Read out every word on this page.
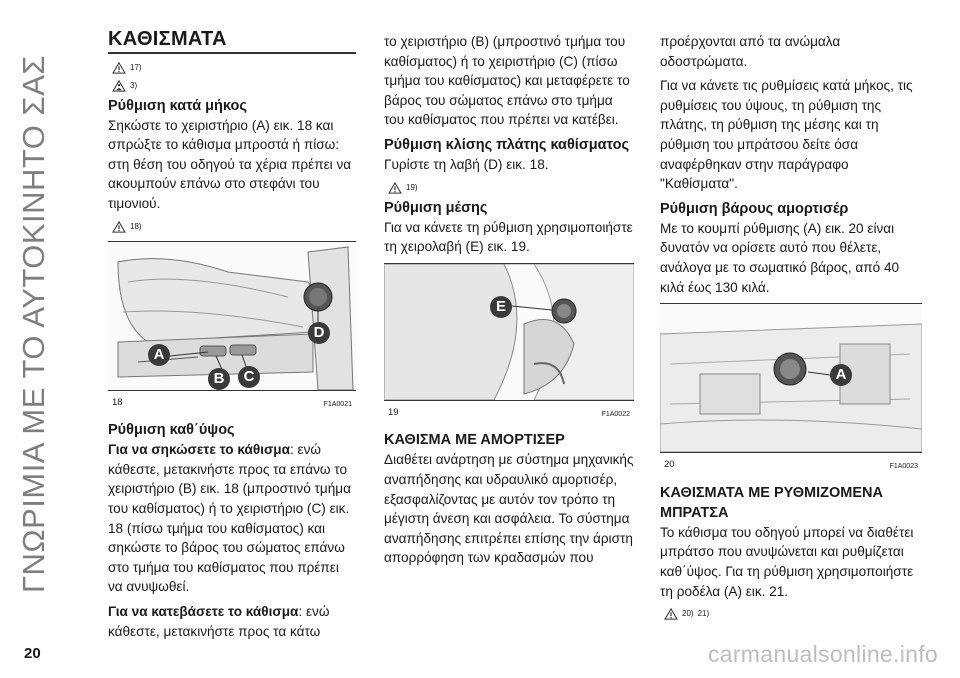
ΓΝΩΡΙΜΙΑ ΜΕ ΤΟ ΑΥΤΟΚΙΝΗΤΟ ΣΑΣ
ΚΑΘΙΣΜΑΤΑ
17)
3)
Ρύθμιση κατά μήκος

Σηκώστε το χειριστήριο (A) εικ. 18 και σπρώξτε το κάθισμα μπροστά ή πίσω: στη θέση του οδηγού τα χέρια πρέπει να ακουμπούν επάνω στο στεφάνι του τιμονιού.

18)
A
B	C
D
18	F1A0021
Ρύθμιση καθ΄ύψος

Για να σηκώσετε το κάθισμα: ενώ κάθεστε, μετακινήστε προς τα επάνω το χειριστήριο (B) εικ. 18 (μπροστινό τμήμα του καθίσματος) ή το χειριστήριο (C) εικ. 18 (πίσω τμήμα του καθίσματος) και σηκώστε το βάρος του σώματος επάνω στο τμήμα του καθίσματος που πρέπει να ανυψωθεί.

Για να κατεβάσετε το κάθισμα: ενώ κάθεστε, μετακινήστε προς τα κάτω

το χειριστήριο (B) (μπροστινό τμήμα του καθίσματος) ή το χειριστήριο (C) (πίσω τμήμα του καθίσματος) και μεταφέρετε το βάρος του σώματος επάνω στο τμήμα του καθίσματος που πρέπει να κατέβει.

Ρύθμιση κλίσης πλάτης καθίσματος

Γυρίστε τη λαβή (D) εικ. 18.

19)
Ρύθμιση μέσης

Για να κάνετε τη ρύθμιση χρησιμοποιήστε τη χειρολαβή (E) εικ. 19.

E
19	F1A0022
ΚΑΘΙΣΜΑ ΜΕ ΑΜΟΡΤΙΣΕΡ

Διαθέτει ανάρτηση με σύστημα μηχανικής αναπήδησης και υδραυλικό αμορτισέρ, εξασφαλίζοντας με αυτόν τον τρόπο τη μέγιστη άνεση και ασφάλεια. Το σύστημα αναπήδησης επιτρέπει επίσης την άριστη απορρόφηση των κραδασμών που

προέρχονται από τα ανώμαλα οδοστρώματα.

Για να κάνετε τις ρυθμίσεις κατά μήκος, τις ρυθμίσεις του ύψους, τη ρύθμιση της πλάτης, τη ρύθμιση της μέσης και τη ρύθμιση του μπράτσου δείτε όσα αναφέρθηκαν στην παράγραφο "Καθίσματα".

Ρύθμιση βάρους αμορτισέρ

Με το κουμπί ρύθμισης (A) εικ. 20 είναι δυνατόν να ορίσετε αυτό που θέλετε, ανάλογα με το σωματικό βάρος, από 40 κιλά έως 130 κιλά.

A
20	F1A0023
ΚΑΘΙΣΜΑΤΑ ΜΕ ΡΥΘΜΙΖΟΜΕΝΑ ΜΠΡΑΤΣΑ

Το κάθισμα του οδηγού μπορεί να διαθέτει μπράτσο που ανυψώνεται και ρυθμίζεται καθ΄ύψος. Για τη ρύθμιση χρησιμοποιήστε τη ροδέλα (A) εικ. 21.

20) 21)
20	carmanualsonline.info
